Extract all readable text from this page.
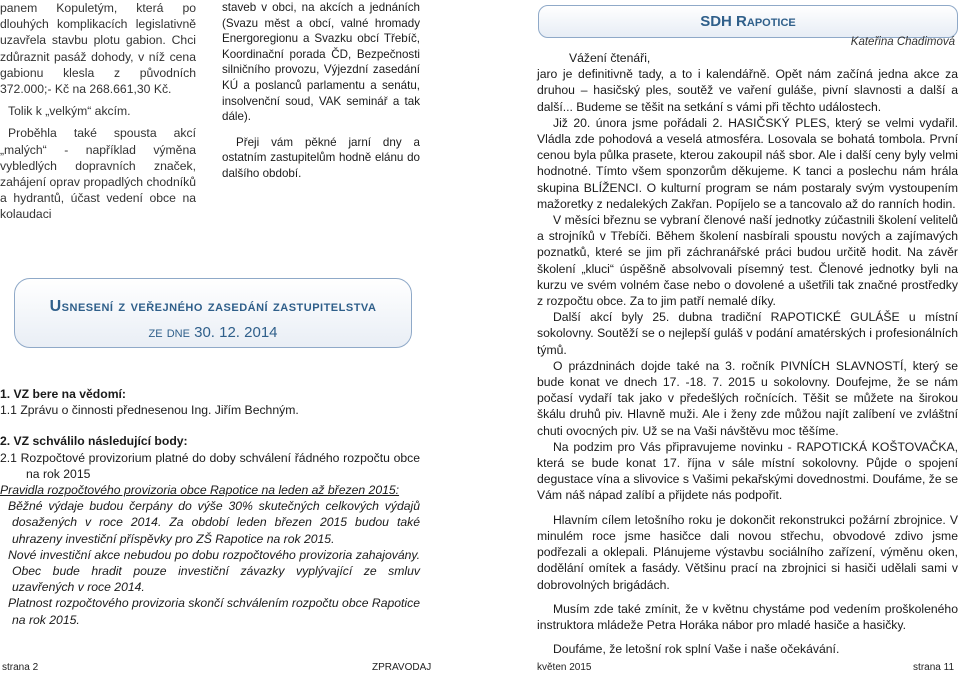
panem Kopuletým, která po dlouhých komplikacích legislativně uzavřela stavbu plotu gabion. Chci zdůraznit pasáž dohody, v níž cena gabionu klesla z původních 372.000;- Kč na 268.661,30 Kč.

Tolik k „velkým“ akcím.

Proběhla také spousta akcí „malých“ - například výměna vybledlých dopravních značek, zahájení oprav propadlých chodníků a hydrantů, účast vedení obce na kolaudaci

staveb v obci, na akcích a jednáních (Svazu měst a obcí, valné hromady Energoregionu a Svazku obcí Třebíč, Koordinační porada ČD, Bezpečnosti silničního provozu, Výjezdní zasedání KÚ a poslanců parlamentu a senátu, insolvenční soud, VAK seminář a tak dále).

Přeji vám pěkné jarní dny a ostatním zastupitelům hodně elánu do dalšího období.

Usnesení z veřejného zasedání zastupitelstva
ze dne 30. 12. 2014

1. VZ bere na vědomí:

1.1 Zprávu o činnosti přednesenou Ing. Jiřím Bechným.

2. VZ schválilo následující body:

2.1 Rozpočtové provizorium platné do doby schválení řádného rozpočtu obce na rok 2015

Pravidla rozpočtového provizoria obce Rapotice na leden až březen 2015:

Běžné výdaje budou čerpány do výše 30% skutečných celkových výdajů dosažených v roce 2014. Za období leden březen 2015 budou také uhrazeny investiční příspěvky pro ZŠ Rapotice na rok 2015.

Nové investiční akce nebudou po dobu rozpočtového provizoria zahajovány. Obec bude hradit pouze investiční závazky vyplývající ze smluv uzavřených v roce 2014.

Platnost rozpočtového provizoria skončí schválením rozpočtu obce Rapotice na rok 2015.

SDH Rapotice
Kateřina Chadimová

Vážení čtenáři,

jaro je definitivně tady, a to i kalendářně. Opět nám začíná jedna akce za druhou – hasičský ples, soutěž ve vaření guláše, pivní slavnosti a další a další... Budeme se těšit na setkání s vámi při těchto událostech.

Již 20. února jsme pořádali 2. HASIČSKÝ PLES, který se velmi vydařil. Vládla zde pohodová a veselá atmosféra. Losovala se bohatá tombola. První cenou byla půlka prasete, kterou zakoupil náš sbor. Ale i další ceny byly velmi hodnotné. Tímto všem sponzorům děkujeme. K tanci a poslechu nám hrála skupina BLÍŽENCI. O kulturní program se nám postaraly svým vystoupením mažoretky z nedalekých Zakřan. Popíjelo se a tancovalo až do ranních hodin.

V měsíci březnu se vybraní členové naší jednotky zúčastnili školení velitelů a strojníků v Třebíči. Během školení nasbírali spoustu nových a zajímavých poznatků, které se jim při záchranářské práci budou určitě hodit. Na závěr školení „kluci“ úspěšně absolvovali písemný test. Členové jednotky byli na kurzu ve svém volném čase nebo o dovolené a ušetřili tak značné prostředky z rozpočtu obce. Za to jim patří nemalé díky.

Další akcí byly 25. dubna tradiční RAPOTICKÉ GULÁŠE u místní sokolovny. Soutěží se o nejlepší guláš v podání amatérských i profesionálních týmů.

O prázdninách dojde také na 3. ročník PIVNÍCH SLAVNOSTÍ, který se bude konat ve dnech 17. -18. 7. 2015 u sokolovny. Doufejme, že se nám počasí vydaří tak jako v předešlých ročnících. Těšit se můžete na širokou škálu druhů piv. Hlavně muži. Ale i ženy zde můžou najít zalíbení ve zvláštní chuti ovocných piv. Už se na Vaši návštěvu moc těšíme.

Na podzim pro Vás připravujeme novinku - RAPOTICKÁ KOŠTOVAČKA, která se bude konat 17. října v sále místní sokolovny. Půjde o spojení degustace vína a slivovice s Vašimi pekařskými dovednostmi. Doufáme, že se Vám náš nápad zalíbí a přijdete nás podpořit.

Hlavním cílem letošního roku je dokončit rekonstrukci požární zbrojnice. V minulém roce jsme hasičce dali novou střechu, obvodové zdivo jsme podřezali a oklepali. Plánujeme výstavbu sociálního zařízení, výměnu oken, dodělání omítek a fasády. Většinu prací na zbrojnici si hasiči udělali sami v dobrovolných brigádách.

Musím zde také zmínit, že v květnu chystáme pod vedením proškoleného instruktora mládeže Petra Horáka nábor pro mladé hasiče a hasičky.

Doufáme, že letošní rok splní Vaše i naše očekávání.

strana 2	ZPRAVODAJ	květen 2015	strana 11
